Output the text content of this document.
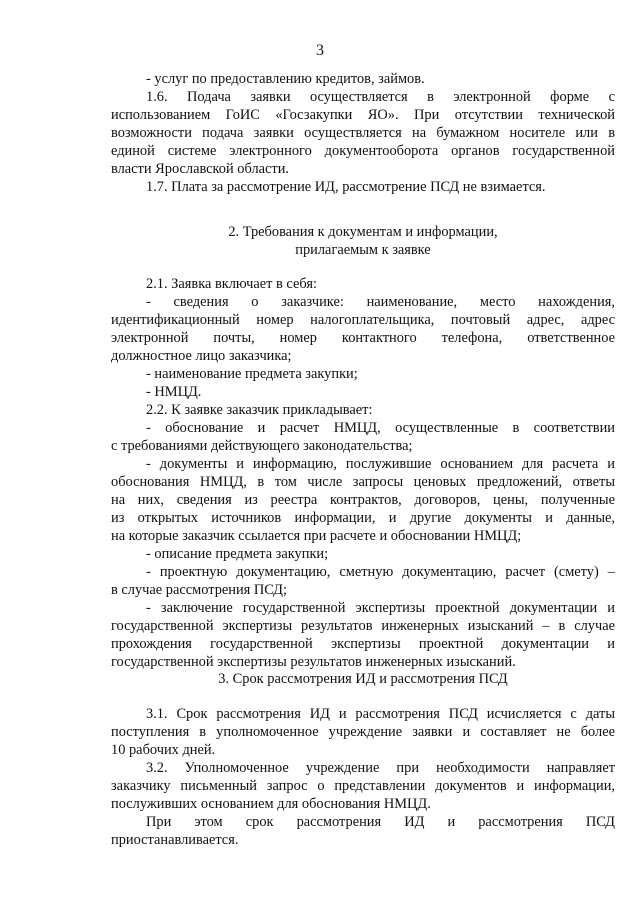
3

- услуг по предоставлению кредитов, займов.

1.6. Подача заявки осуществляется в электронной форме с

использованием ГоИС «Госзакупки ЯО». При отсутствии технической

возможности подача заявки осуществляется на бумажном носителе или в

единой системе электронного документооборота органов государственной

власти Ярославской области.

1.7. Плата за рассмотрение ИД, рассмотрение ПСД не взимается.

2. Требования к документам и информации,

прилагаемым к заявке

2.1. Заявка включает в себя:

- сведения о заказчике: наименование, место нахождения,

идентификационный номер налогоплательщика, почтовый адрес, адрес

электронной почты, номер контактного телефона, ответственное

должностное лицо заказчика;

- наименование предмета закупки;

- НМЦД.

2.2. К заявке заказчик прикладывает:

- обоснование и расчет НМЦД, осуществленные в соответствии

с требованиями действующего законодательства;

- документы и информацию, послужившие основанием для расчета и

обоснования НМЦД, в том числе запросы ценовых предложений, ответы

на них, сведения из реестра контрактов, договоров, цены, полученные

из открытых источников информации, и другие документы и данные,

на которые заказчик ссылается при расчете и обосновании НМЦД;

- описание предмета закупки;

- проектную документацию, сметную документацию, расчет (смету) –

в случае рассмотрения ПСД;

- заключение государственной экспертизы проектной документации и

государственной экспертизы результатов инженерных изысканий – в случае

прохождения государственной экспертизы проектной документации и

государственной экспертизы результатов инженерных изысканий.

3. Срок рассмотрения ИД и рассмотрения ПСД

3.1. Срок рассмотрения ИД и рассмотрения ПСД исчисляется с даты

поступления в уполномоченное учреждение заявки и составляет не более

10 рабочих дней.

3.2. Уполномоченное учреждение при необходимости направляет

заказчику письменный запрос о представлении документов и информации,

послуживших основанием для обоснования НМЦД.

При этом срок рассмотрения ИД и рассмотрения ПСД

приостанавливается.
